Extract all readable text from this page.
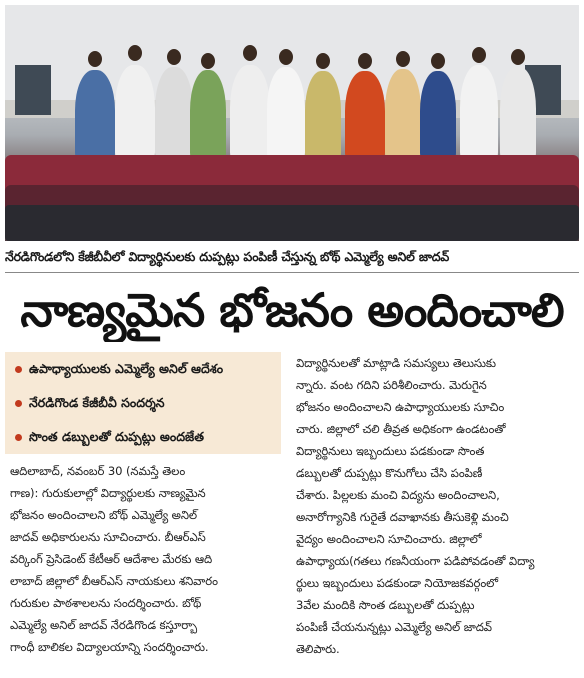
నేరడిగొండలోని కేజీబీవీలో విద్యార్థినులకు దుప్పట్లు పంపిణీ చేస్తున్న బోథ్ ఎమ్మెల్యే అనిల్ జాదవ్
నాణ్యమైన భోజనం అందించాలి
ఉపాధ్యాయులకు ఎమ్మెల్యే అనిల్ ఆదేశం
నేరడిగొండ కేజీబీవీ సందర్శన
సొంత డబ్బులతో దుప్పట్లు అందజేత
ఆదిలాబాద్, నవంబర్ 30 (నమస్తే తెలం
గాణ): గురుకులాల్లో విద్యార్థులకు నాణ్యమైన
భోజనం అందించాలని బోథ్ ఎమ్మెల్యే అనిల్
జాదవ్ అధికారులను సూచించారు. బీఆర్ఎస్
వర్కింగ్ ప్రెసిడెంట్ కేటీఆర్ ఆదేశాల మేరకు ఆది
లాబాద్ జిల్లాలో బీఆర్ఎస్ నాయకులు శనివారం
గురుకుల పాఠశాలలను సందర్శించారు. బోథ్
ఎమ్మెల్యే అనిల్ జాదవ్ నేరడిగొండ కస్తూర్బా
గాంధీ బాలికల విద్యాలయాన్ని సందర్శించారు.
విద్యార్థినులతో మాట్లాడి సమస్యలు తెలుసుకు
న్నారు. వంట గదిని పరిశీలించారు. మెరుగైన
భోజనం అందించాలని ఉపాధ్యాయులకు సూచిం
చారు. జిల్లాలో చలి తీవ్రత అధికంగా ఉండటంతో
విద్యార్థినులు ఇబ్బందులు పడకుండా సొంత
డబ్బులతో దుప్పట్లు కొనుగోలు చేసి పంపిణీ
చేశారు. పిల్లలకు మంచి విద్యను అందించాలని,
అనారోగ్యానికి గురైతే దవాఖానకు తీసుకెళ్లి మంచి
వైద్యం అందించాలని సూచించారు. జిల్లాలో
ఉపాధ్యాయ(గతలు గణనీయంగా పడిపోవడంతో విద్యా
ర్థులు ఇబ్బందులు పడకుండా నియోజకవర్గంలో
3వేల మందికి సొంత డబ్బులతో దుప్పట్లు
పంపిణీ చేయనున్నట్లు ఎమ్మెల్యే అనిల్ జాదవ్
తెలిపారు.
